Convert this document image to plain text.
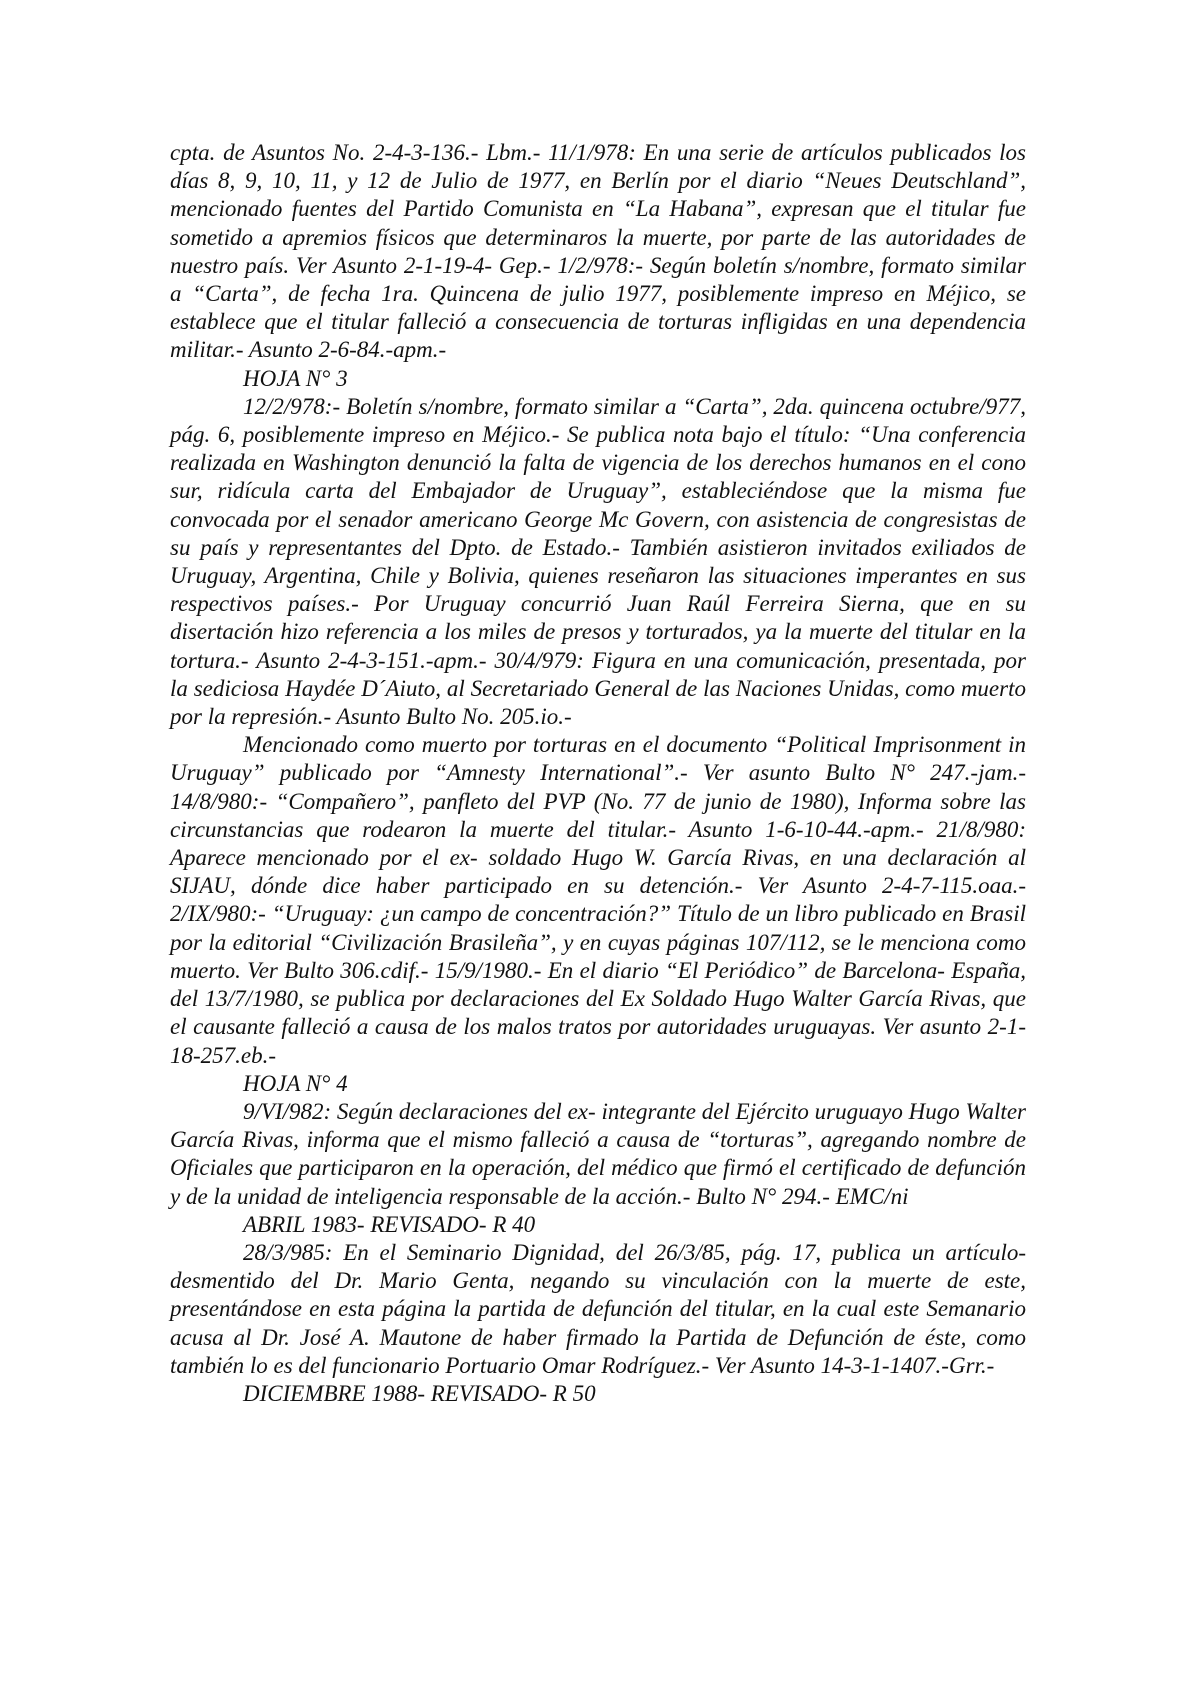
cpta. de Asuntos No. 2-4-3-136.- Lbm.- 11/1/978: En una serie de artículos publicados los días 8, 9, 10, 11, y 12 de Julio de 1977, en Berlín por el diario “Neues Deutschland”, mencionado fuentes del Partido Comunista en “La Habana”, expresan que el titular fue sometido a apremios físicos que determinaros la muerte, por parte de las autoridades de nuestro país. Ver Asunto 2-1-19-4- Gep.- 1/2/978:- Según boletín s/nombre, formato similar a “Carta”, de fecha 1ra. Quincena de julio 1977, posiblemente impreso en Méjico, se establece que el titular falleció a consecuencia de torturas infligidas en una dependencia militar.- Asunto 2-6-84.-apm.-

HOJA N° 3

12/2/978:- Boletín s/nombre, formato similar a “Carta”, 2da. quincena octubre/977, pág. 6, posiblemente impreso en Méjico.- Se publica nota bajo el título: “Una conferencia realizada en Washington denunció la falta de vigencia de los derechos humanos en el cono sur, ridícula carta del Embajador de Uruguay”, estableciéndose que la misma fue convocada por el senador americano George Mc Govern, con asistencia de congresistas de su país y representantes del Dpto. de Estado.- También asistieron invitados exiliados de Uruguay, Argentina, Chile y Bolivia, quienes reseñaron las situaciones imperantes en sus respectivos países.- Por Uruguay concurrió Juan Raúl Ferreira Sierna, que en su disertación hizo referencia a los miles de presos y torturados, ya la muerte del titular en la tortura.- Asunto 2-4-3-151.-apm.- 30/4/979: Figura en una comunicación, presentada, por la sediciosa Haydée D´Aiuto, al Secretariado General de las Naciones Unidas, como muerto por la represión.- Asunto Bulto No. 205.io.-

Mencionado como muerto por torturas en el documento “Political Imprisonment in Uruguay” publicado por “Amnesty International”.- Ver asunto Bulto N° 247.-jam.- 14/8/980:- “Compañero”, panfleto del PVP (No. 77 de junio de 1980), Informa sobre las circunstancias que rodearon la muerte del titular.- Asunto 1-6-10-44.-apm.- 21/8/980: Aparece mencionado por el ex- soldado Hugo W. García Rivas, en una declaración al SIJAU, dónde dice haber participado en su detención.- Ver Asunto 2-4-7-115.oaa.- 2/IX/980:- “Uruguay: ¿un campo de concentración?” Título de un libro publicado en Brasil por la editorial “Civilización Brasileña”, y en cuyas páginas 107/112, se le menciona como muerto. Ver Bulto 306.cdif.- 15/9/1980.- En el diario “El Periódico” de Barcelona- España, del 13/7/1980, se publica por declaraciones del Ex Soldado Hugo Walter García Rivas, que el causante falleció a causa de los malos tratos por autoridades uruguayas. Ver asunto 2-1-18-257.eb.-

HOJA N° 4

9/VI/982: Según declaraciones del ex- integrante del Ejército uruguayo Hugo Walter García Rivas, informa que el mismo falleció a causa de “torturas”, agregando nombre de Oficiales que participaron en la operación, del médico que firmó el certificado de defunción y de la unidad de inteligencia responsable de la acción.- Bulto N° 294.- EMC/ni

ABRIL 1983- REVISADO- R 40

28/3/985: En el Seminario Dignidad, del 26/3/85, pág. 17, publica un artículo-desmentido del Dr. Mario Genta, negando su vinculación con la muerte de este, presentándose en esta página la partida de defunción del titular, en la cual este Semanario acusa al Dr. José A. Mautone de haber firmado la Partida de Defunción de éste, como también lo es del funcionario Portuario Omar Rodríguez.- Ver Asunto 14-3-1-1407.-Grr.-

DICIEMBRE 1988- REVISADO- R 50
